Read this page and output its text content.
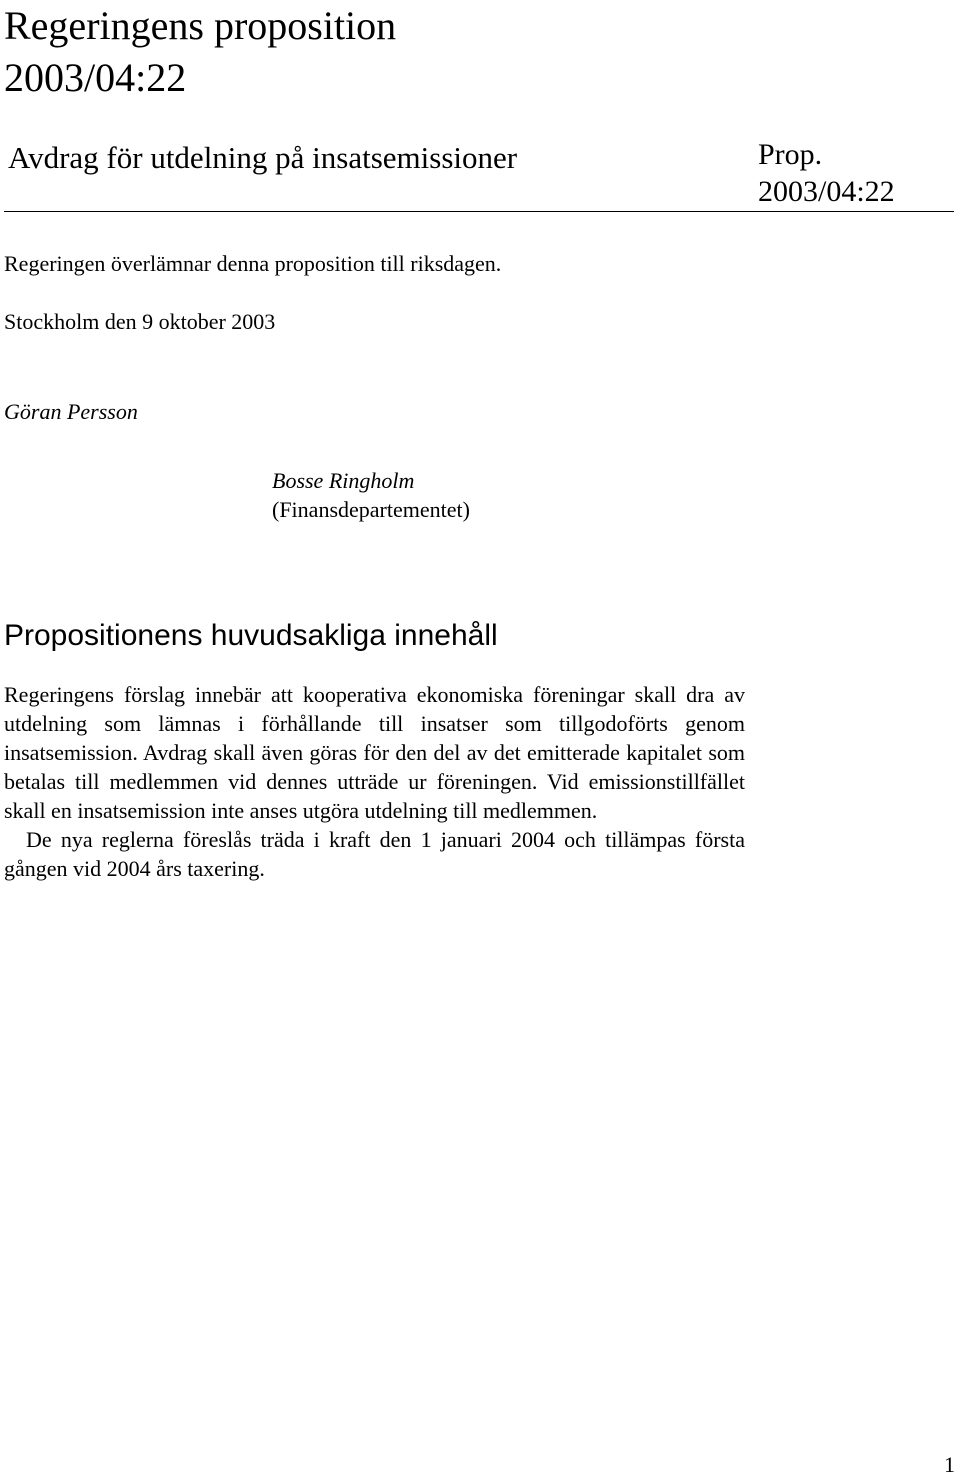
Regeringens proposition 2003/04:22
Avdrag för utdelning på insatsemissioner	Prop. 2003/04:22
Regeringen överlämnar denna proposition till riksdagen.
Stockholm den 9 oktober 2003
Göran Persson
Bosse Ringholm
(Finansdepartementet)
Propositionens huvudsakliga innehåll

Regeringens förslag innebär att kooperativa ekonomiska föreningar skall dra av utdelning som lämnas i förhållande till insatser som tillgodoförts genom insatsemission. Avdrag skall även göras för den del av det emitterade kapitalet som betalas till medlemmen vid dennes utträde ur föreningen. Vid emissionstillfället skall en insatsemission inte anses utgöra utdelning till medlemmen.

De nya reglerna föreslås träda i kraft den 1 januari 2004 och tillämpas första gången vid 2004 års taxering.

1
